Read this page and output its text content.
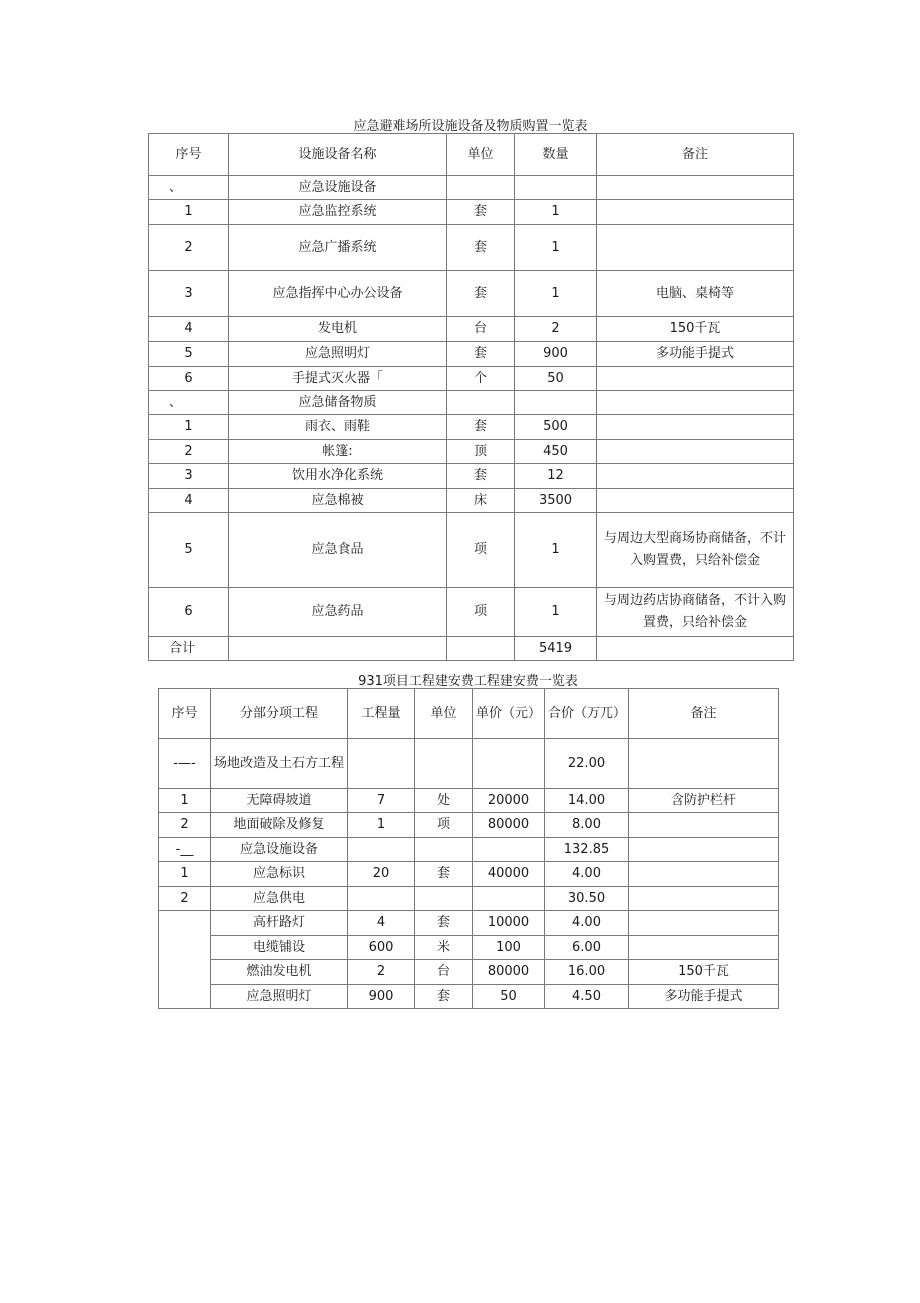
应急避难场所设施设备及物质购置一览表
序号	设施设备名称	单位	数量	备注
、	应急设施设备			
1	应急监控系统	套	1	
2	应急广播系统	套	1	
3	应急指挥中心办公设备	套	1	电脑、桌椅等
4	发电机	台	2	150千瓦
5	应急照明灯	套	900	多功能手提式
6	手提式灭火器「	个	50	
、	应急储备物质			
1	雨衣、雨鞋	套	500	
2	帐篷:	顶	450	
3	饮用水净化系统	套	12	
4	应急棉被	床	3500	
5	应急食品	项	1	与周边大型商场协商储备，不计入购置费，只给补偿金
6	应急药品	项	1	与周边药店协商储备，不计入购置费，只给补偿金
合计			5419	
931项目工程建安费工程建安费一览表
序号	分部分项工程	工程量	单位	单价（元）	合价（万兀）	备注
-—-	场地改造及土石方工程				22.00	
1	无障碍坡道	7	处	20000	14.00	含防护栏杆
2	地面破除及修复	1	项	80000	8.00	
-__	应急设施设备				132.85	
1	应急标识	20	套	40000	4.00	
2	应急供电				30.50	
	高杆路灯	4	套	10000	4.00	
	电缆铺设	600	米	100	6.00	
	燃油发电机	2	台	80000	16.00	150千瓦
	应急照明灯	900	套	50	4.50	多功能手提式
